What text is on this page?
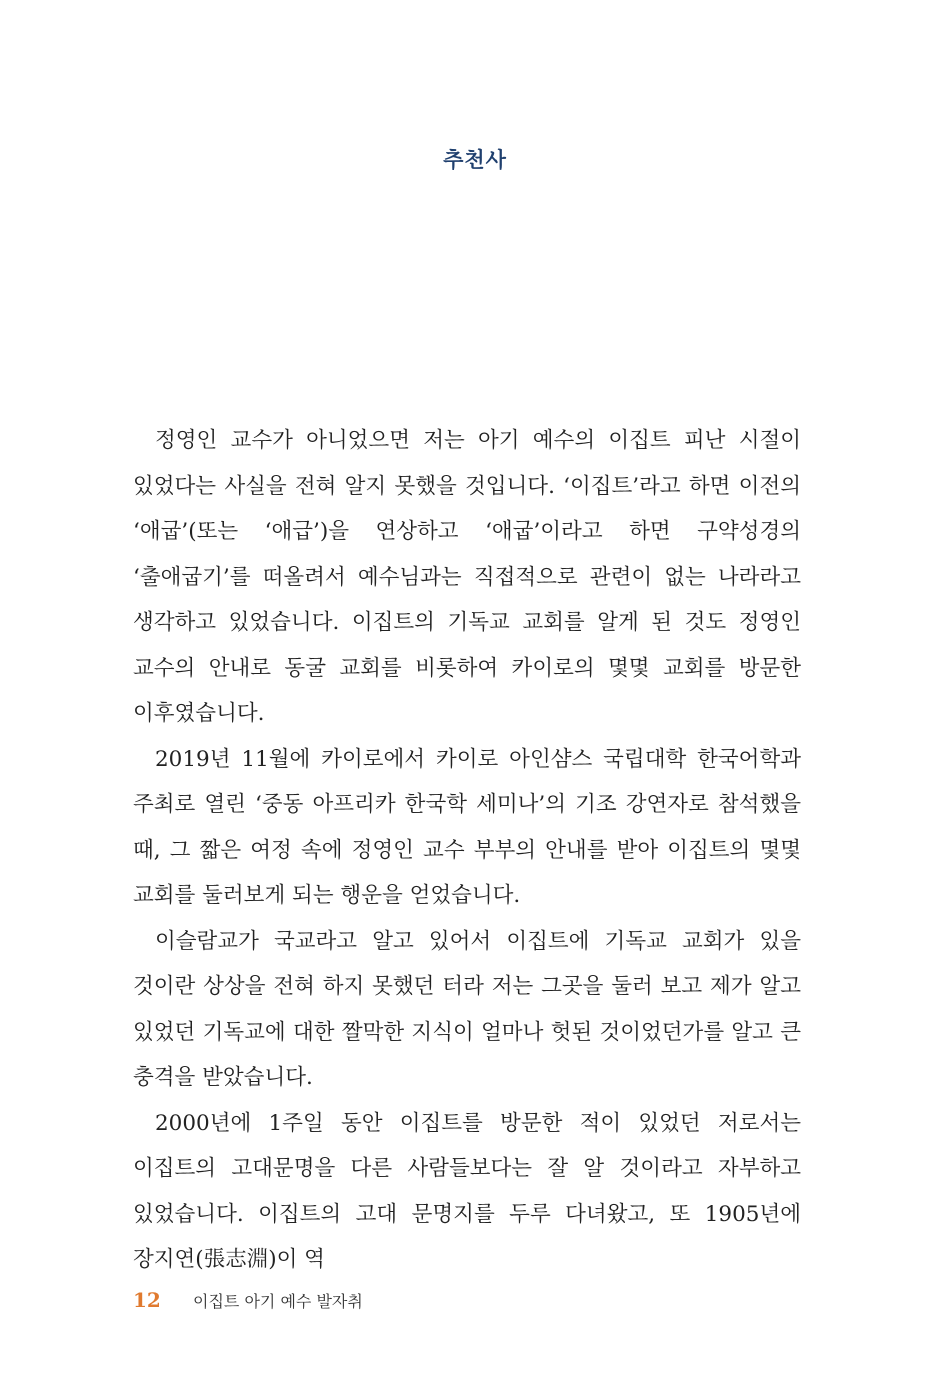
추천사

정영인 교수가 아니었으면 저는 아기 예수의 이집트 피난 시절이 있었다는 사실을 전혀 알지 못했을 것입니다. ‘이집트’라고 하면 이전의 ‘애굽’(또는 ‘애급’)을 연상하고 ‘애굽’이라고 하면 구약성경의 ‘출애굽기’를 떠올려서 예수님과는 직접적으로 관련이 없는 나라라고 생각하고 있었습니다. 이집트의 기독교 교회를 알게 된 것도 정영인 교수의 안내로 동굴 교회를 비롯하여 카이로의 몇몇 교회를 방문한 이후였습니다.

2019년 11월에 카이로에서 카이로 아인샴스 국립대학 한국어학과 주최로 열린 ‘중동 아프리카 한국학 세미나’의 기조 강연자로 참석했을 때, 그 짧은 여정 속에 정영인 교수 부부의 안내를 받아 이집트의 몇몇 교회를 둘러보게 되는 행운을 얻었습니다.

이슬람교가 국교라고 알고 있어서 이집트에 기독교 교회가 있을 것이란 상상을 전혀 하지 못했던 터라 저는 그곳을 둘러 보고 제가 알고 있었던 기독교에 대한 짤막한 지식이 얼마나 헛된 것이었던가를 알고 큰 충격을 받았습니다.

2000년에 1주일 동안 이집트를 방문한 적이 있었던 저로서는 이집트의 고대문명을 다른 사람들보다는 잘 알 것이라고 자부하고 있었습니다. 이집트의 고대 문명지를 두루 다녀왔고, 또 1905년에 장지연(張志淵)이 역

12	이집트 아기 예수 발자취
